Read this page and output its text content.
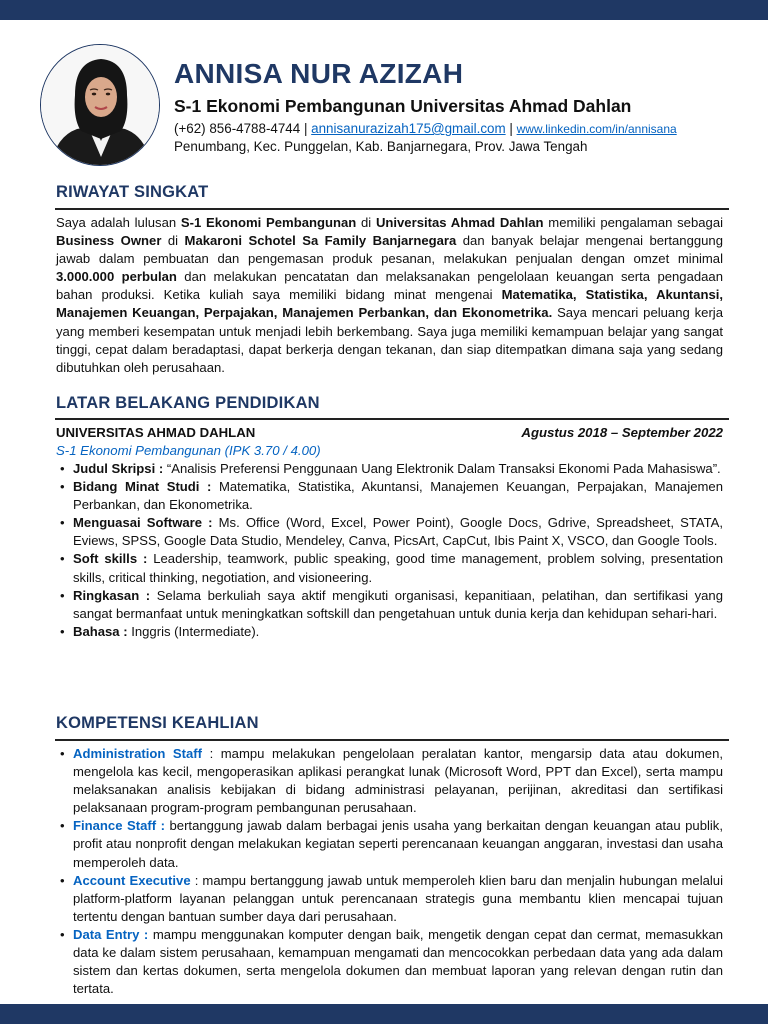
ANNISA NUR AZIZAH
S-1 Ekonomi Pembangunan Universitas Ahmad Dahlan
(+62) 856-4788-4744 | annisanurazizah175@gmail.com | www.linkedin.com/in/annisana
Penumbang, Kec. Punggelan, Kab. Banjarnegara, Prov. Jawa Tengah
RIWAYAT SINGKAT
Saya adalah lulusan S-1 Ekonomi Pembangunan di Universitas Ahmad Dahlan memiliki pengalaman sebagai Business Owner di Makaroni Schotel Sa Family Banjarnegara dan banyak belajar mengenai bertanggung jawab dalam pembuatan dan pengemasan produk pesanan, melakukan penjualan dengan omzet minimal 3.000.000 perbulan dan melakukan pencatatan dan melaksanakan pengelolaan keuangan serta pengadaan bahan produksi. Ketika kuliah saya memiliki bidang minat mengenai Matematika, Statistika, Akuntansi, Manajemen Keuangan, Perpajakan, Manajemen Perbankan, dan Ekonometrika. Saya mencari peluang kerja yang memberi kesempatan untuk menjadi lebih berkembang. Saya juga memiliki kemampuan belajar yang sangat tinggi, cepat dalam beradaptasi, dapat berkerja dengan tekanan, dan siap ditempatkan dimana saja yang sedang dibutuhkan oleh perusahaan.
LATAR BELAKANG PENDIDIKAN
UNIVERSITAS AHMAD DAHLAN	Agustus 2018 – September 2022
S-1 Ekonomi Pembangunan (IPK 3.70 / 4.00)
• Judul Skripsi : “Analisis Preferensi Penggunaan Uang Elektronik Dalam Transaksi Ekonomi Pada Mahasiswa”.
• Bidang Minat Studi : Matematika, Statistika, Akuntansi, Manajemen Keuangan, Perpajakan, Manajemen Perbankan, dan Ekonometrika.
• Menguasai Software : Ms. Office (Word, Excel, Power Point), Google Docs, Gdrive, Spreadsheet, STATA, Eviews, SPSS, Google Data Studio, Mendeley, Canva, PicsArt, CapCut, Ibis Paint X, VSCO, dan Google Tools.
• Soft skills : Leadership, teamwork, public speaking, good time management, problem solving, presentation skills, critical thinking, negotiation, and visioneering.
• Ringkasan : Selama berkuliah saya aktif mengikuti organisasi, kepanitiaan, pelatihan, dan sertifikasi yang sangat bermanfaat untuk meningkatkan softskill dan pengetahuan untuk dunia kerja dan kehidupan sehari-hari.
• Bahasa : Inggris (Intermediate).
KOMPETENSI KEAHLIAN
• Administration Staff : mampu melakukan pengelolaan peralatan kantor, mengarsip data atau dokumen, mengelola kas kecil, mengoperasikan aplikasi perangkat lunak (Microsoft Word, PPT dan Excel), serta mampu melaksanakan analisis kebijakan di bidang administrasi pelayanan, perijinan, akreditasi dan sertifikasi pelaksanaan program-program pembangunan perusahaan.
• Finance Staff : bertanggung jawab dalam berbagai jenis usaha yang berkaitan dengan keuangan atau publik, profit atau nonprofit dengan melakukan kegiatan seperti perencanaan keuangan anggaran, investasi dan usaha memperoleh data.
• Account Executive : mampu bertanggung jawab untuk memperoleh klien baru dan menjalin hubungan melalui platform-platform layanan pelanggan untuk perencanaan strategis guna membantu klien mencapai tujuan tertentu dengan bantuan sumber daya dari perusahaan.
• Data Entry : mampu menggunakan komputer dengan baik, mengetik dengan cepat dan cermat, memasukkan data ke dalam sistem perusahaan, kemampuan mengamati dan mencocokkan perbedaan data yang ada dalam sistem dan kertas dokumen, serta mengelola dokumen dan membuat laporan yang relevan dengan rutin dan tertata.
